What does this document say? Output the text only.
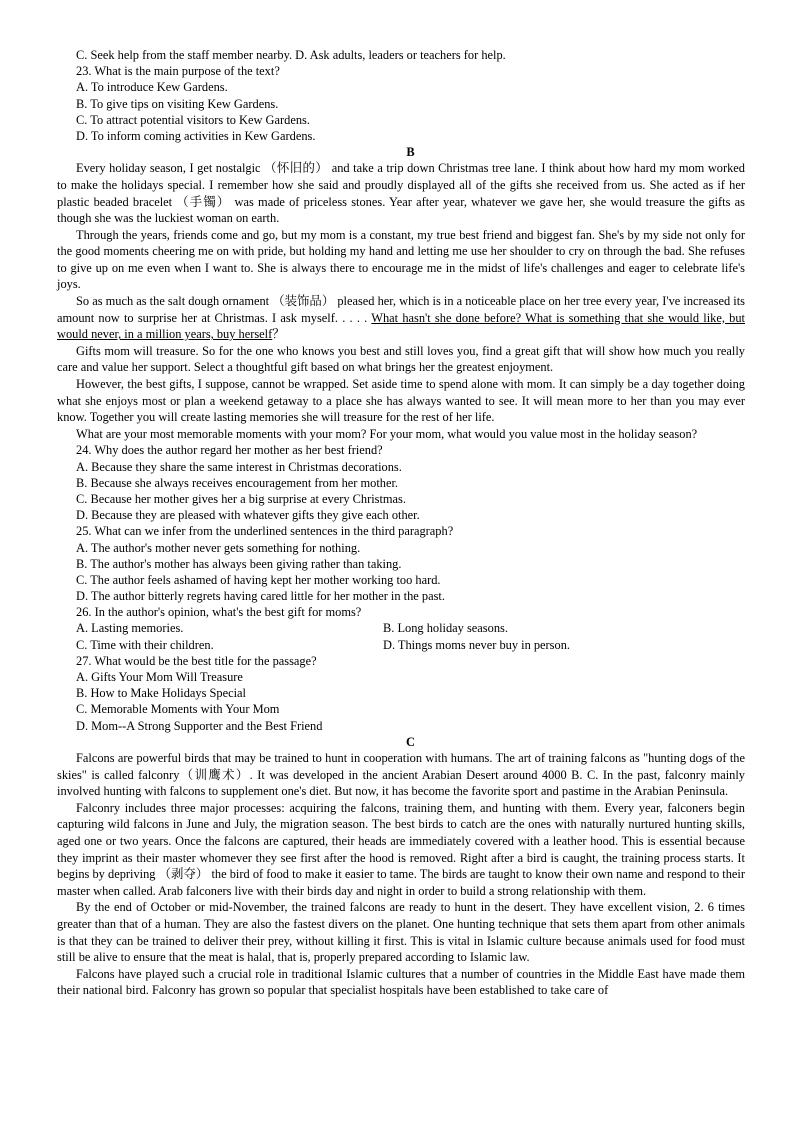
C. Seek help from the staff member nearby. D. Ask adults, leaders or teachers for help.
23. What is the main purpose of the text?
A. To introduce Kew Gardens.
B. To give tips on visiting Kew Gardens.
C. To attract potential visitors to Kew Gardens.
D. To inform coming activities in Kew Gardens.
B
Every holiday season, I get nostalgic （怀旧的） and take a trip down Christmas tree lane. I think about how hard my mom worked to make the holidays special. I remember how she said and proudly displayed all of the gifts she received from us. She acted as if her plastic beaded bracelet （手镯） was made of priceless stones. Year after year, whatever we gave her, she would treasure the gifts as though she was the luckiest woman on earth.
Through the years, friends come and go, but my mom is a constant, my true best friend and biggest fan. She's by my side not only for the good moments cheering me on with pride, but holding my hand and letting me use her shoulder to cry on through the bad. She refuses to give up on me even when I want to. She is always there to encourage me in the midst of life's challenges and eager to celebrate life's joys.
So as much as the salt dough ornament （装饰品） pleased her, which is in a noticeable place on her tree every year, I've increased its amount now to surprise her at Christmas. I ask myself. . . . . What hasn't she done before? What is something that she would like, but would never, in a million years, buy herself？
Gifts mom will treasure. So for the one who knows you best and still loves you, find a great gift that will show how much you really care and value her support. Select a thoughtful gift based on what brings her the greatest enjoyment.
However, the best gifts, I suppose, cannot be wrapped. Set aside time to spend alone with mom. It can simply be a day together doing what she enjoys most or plan a weekend getaway to a place she has always wanted to see. It will mean more to her than you may ever know. Together you will create lasting memories she will treasure for the rest of her life.
What are your most memorable moments with your mom? For your mom, what would you value most in the holiday season?
24. Why does the author regard her mother as her best friend?
A. Because they share the same interest in Christmas decorations.
B. Because she always receives encouragement from her mother.
C. Because her mother gives her a big surprise at every Christmas.
D. Because they are pleased with whatever gifts they give each other.
25. What can we infer from the underlined sentences in the third paragraph?
A. The author's mother never gets something for nothing.
B. The author's mother has always been giving rather than taking.
C. The author feels ashamed of having kept her mother working too hard.
D. The author bitterly regrets having cared little for her mother in the past.
26. In the author's opinion, what's the best gift for moms?
A. Lasting memories.	B. Long holiday seasons.
C. Time with their children.	D. Things moms never buy in person.
27. What would be the best title for the passage?
A. Gifts Your Mom Will Treasure
B. How to Make Holidays Special
C. Memorable Moments with Your Mom
D. Mom--A Strong Supporter and the Best Friend
C
Falcons are powerful birds that may be trained to hunt in cooperation with humans. The art of training falcons as "hunting dogs of the skies" is called falconry（训鹰术）. It was developed in the ancient Arabian Desert around 4000 B. C. In the past, falconry mainly involved hunting with falcons to supplement one's diet. But now, it has become the favorite sport and pastime in the Arabian Peninsula.
Falconry includes three major processes: acquiring the falcons, training them, and hunting with them. Every year, falconers begin capturing wild falcons in June and July, the migration season. The best birds to catch are the ones with naturally nurtured hunting skills, aged one or two years. Once the falcons are captured, their heads are immediately covered with a leather hood. This is essential because they imprint as their master whomever they see first after the hood is removed. Right after a bird is caught, the training process starts. It begins by depriving （剥夺） the bird of food to make it easier to tame. The birds are taught to know their own name and respond to their master when called. Arab falconers live with their birds day and night in order to build a strong relationship with them.
By the end of October or mid-November, the trained falcons are ready to hunt in the desert. They have excellent vision, 2. 6 times greater than that of a human. They are also the fastest divers on the planet. One hunting technique that sets them apart from other animals is that they can be trained to deliver their prey, without killing it first. This is vital in Islamic culture because animals used for food must still be alive to ensure that the meat is halal, that is, properly prepared according to Islamic law.
Falcons have played such a crucial role in traditional Islamic cultures that a number of countries in the Middle East have made them their national bird. Falconry has grown so popular that specialist hospitals have been established to take care of
